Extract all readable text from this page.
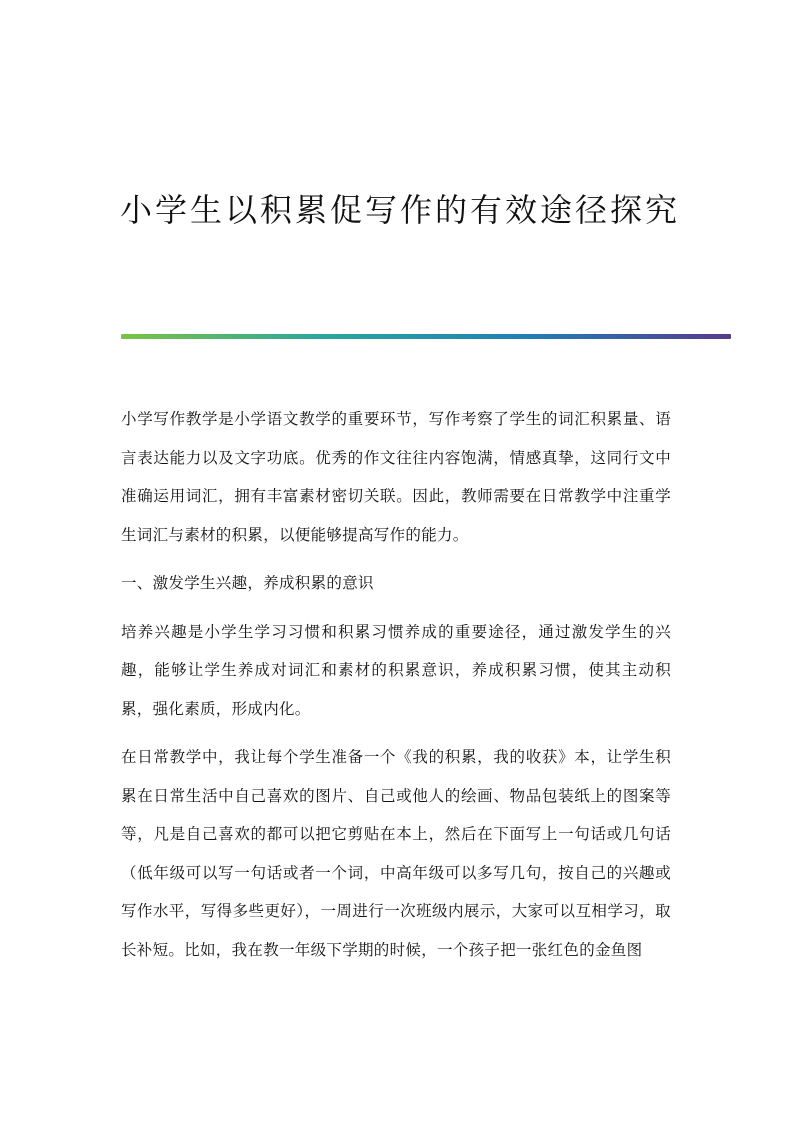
小学生以积累促写作的有效途径探究

小学写作教学是小学语文教学的重要环节，写作考察了学生的词汇积累量、语言表达能力以及文字功底。优秀的作文往往内容饱满，情感真挚，这同行文中准确运用词汇，拥有丰富素材密切关联。因此，教师需要在日常教学中注重学生词汇与素材的积累，以便能够提高写作的能力。

一、激发学生兴趣，养成积累的意识

培养兴趣是小学生学习习惯和积累习惯养成的重要途径，通过激发学生的兴趣，能够让学生养成对词汇和素材的积累意识，养成积累习惯，使其主动积累，强化素质，形成内化。

在日常教学中，我让每个学生准备一个《我的积累，我的收获》本，让学生积累在日常生活中自己喜欢的图片、自己或他人的绘画、物品包装纸上的图案等等，凡是自己喜欢的都可以把它剪贴在本上，然后在下面写上一句话或几句话（低年级可以写一句话或者一个词，中高年级可以多写几句，按自己的兴趣或写作水平，写得多些更好），一周进行一次班级内展示，大家可以互相学习，取长补短。比如，我在教一年级下学期的时候，一个孩子把一张红色的金鱼图
